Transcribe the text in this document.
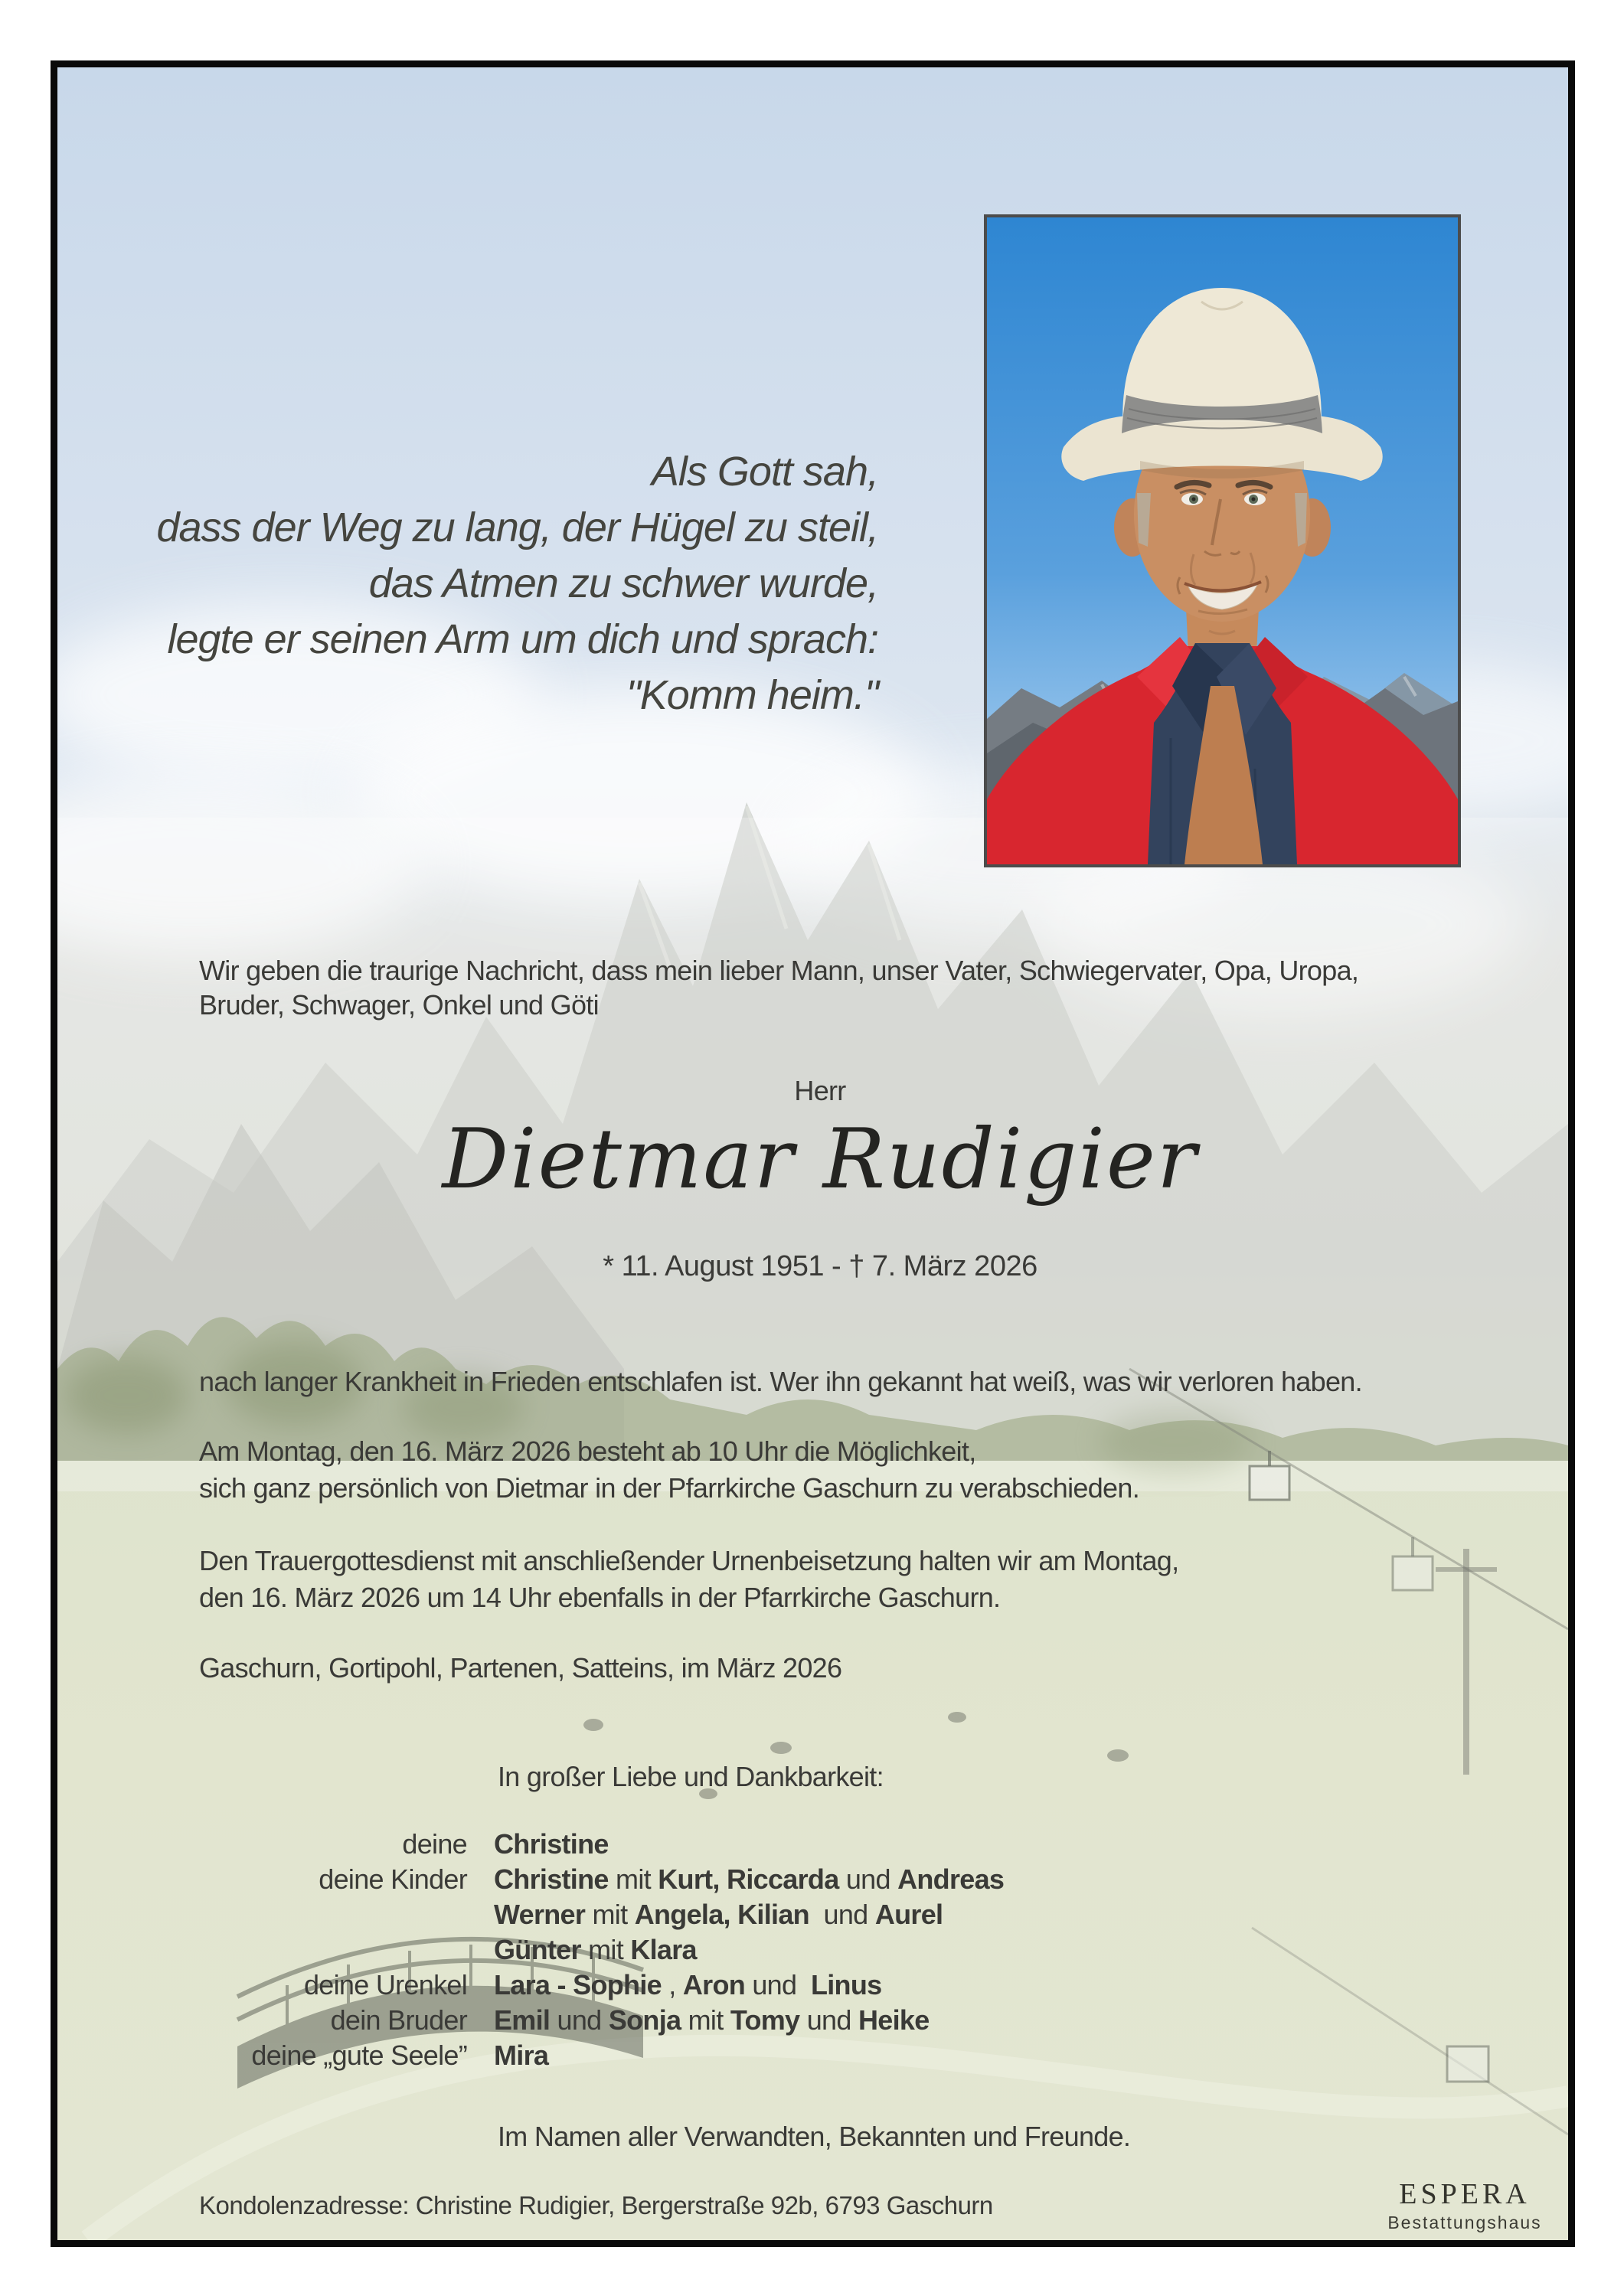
Als Gott sah,
dass der Weg zu lang, der Hügel zu steil,
das Atmen zu schwer wurde,
legte er seinen Arm um dich und sprach:
"Komm heim."
Wir geben die traurige Nachricht, dass mein lieber Mann, unser Vater, Schwiegervater, Opa, Uropa,
Bruder, Schwager, Onkel und Göti
Herr
Dietmar Rudigier
* 11. August 1951 - † 7. März 2026
nach langer Krankheit in Frieden entschlafen ist. Wer ihn gekannt hat weiß, was wir verloren haben.
Am Montag, den 16. März 2026 besteht ab 10 Uhr die Möglichkeit,
sich ganz persönlich von Dietmar in der Pfarrkirche Gaschurn zu verabschieden.
Den Trauergottesdienst mit anschließender Urnenbeisetzung halten wir am Montag,
den 16. März 2026 um 14 Uhr ebenfalls in der Pfarrkirche Gaschurn.
Gaschurn, Gortipohl, Partenen, Satteins, im März 2026
In großer Liebe und Dankbarkeit:
deine Christine
deine Kinder Christine mit Kurt, Riccarda und Andreas
Werner mit Angela, Kilian  und Aurel
Günter mit Klara
deine Urenkel Lara - Sophie , Aron und  Linus
dein Bruder Emil und Sonja mit Tomy und Heike
deine „gute Seele” Mira
Im Namen aller Verwandten, Bekannten und Freunde.
Kondolenzadresse: Christine Rudigier, Bergerstraße 92b, 6793 Gaschurn	ESPERA
Bestattungshaus
